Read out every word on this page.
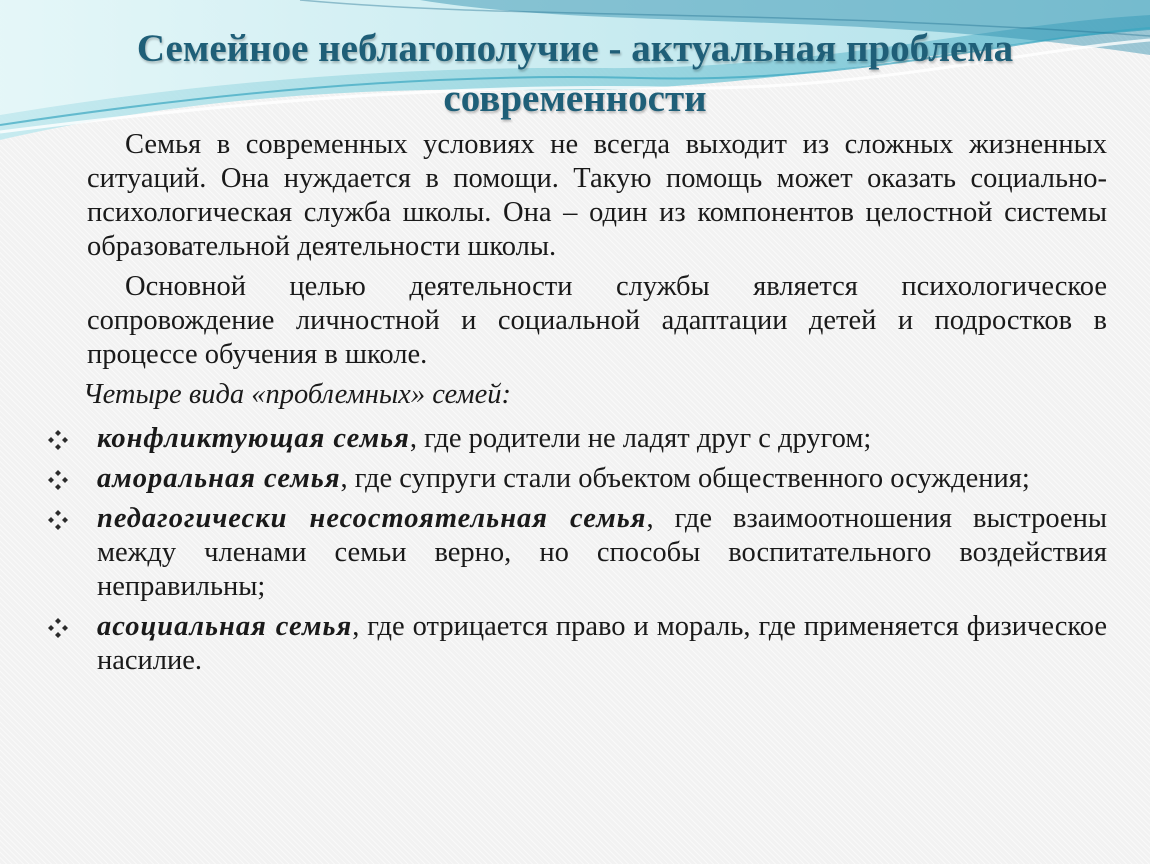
Семейное неблагополучие - актуальная проблема современности

Семья в современных условиях не всегда выходит из сложных жизненных ситуаций. Она нуждается в помощи. Такую помощь может оказать социально-психологическая служба школы. Она – один из компонентов целостной системы образовательной деятельности школы.

Основной целью деятельности службы является психологическое сопровождение личностной и социальной адаптации детей и подростков в процессе обучения в школе.

Четыре вида «проблемных» семей:

конфликтующая семья, где родители не ладят друг с другом;
аморальная семья, где супруги стали объектом общественного осуждения;
педагогически несостоятельная семья, где взаимоотношения выстроены между членами семьи верно, но способы воспитательного воздействия неправильны;
асоциальная семья, где отрицается право и мораль, где применяется физическое насилие.
